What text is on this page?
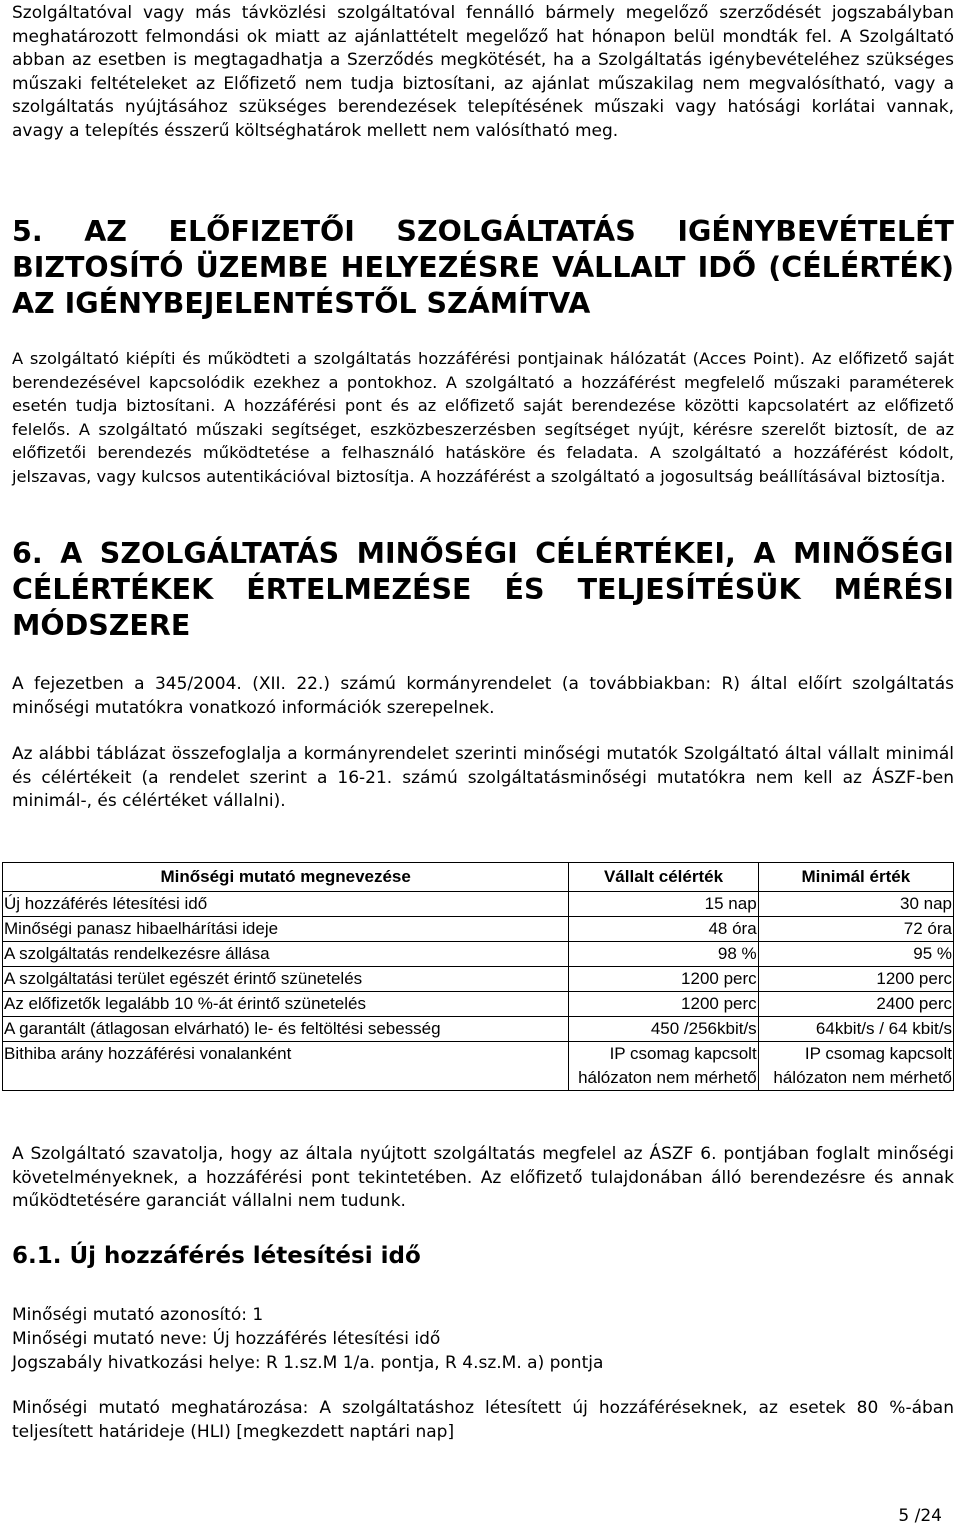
Szolgáltatóval vagy más távközlési szolgáltatóval fennálló bármely megelőző szerződését jogszabályban meghatározott felmondási ok miatt az ajánlattételt megelőző hat hónapon belül mondták fel. A Szolgáltató abban az esetben is megtagadhatja a Szerződés megkötését, ha a Szolgáltatás igénybevételéhez szükséges műszaki feltételeket az Előfizető nem tudja biztosítani, az ajánlat műszakilag nem megvalósítható, vagy a szolgáltatás nyújtásához szükséges berendezések telepítésének műszaki vagy hatósági korlátai vannak, avagy a telepítés ésszerű költséghatárok mellett nem valósítható meg.

5. AZ ELŐFIZETŐI SZOLGÁLTATÁS IGÉNYBEVÉTELÉT BIZTOSÍTÓ ÜZEMBE HELYEZÉSRE VÁLLALT IDŐ (CÉLÉRTÉK) AZ IGÉNYBEJELENTÉSTŐL SZÁMÍTVA

A szolgáltató kiépíti és működteti a szolgáltatás hozzáférési pontjainak hálózatát (Acces Point). Az előfizető saját berendezésével kapcsolódik ezekhez a pontokhoz. A szolgáltató a hozzáférést megfelelő műszaki paraméterek esetén tudja biztosítani. A hozzáférési pont és az előfizető saját berendezése közötti kapcsolatért az előfizető felelős. A szolgáltató műszaki segítséget, eszközbeszerzésben segítséget nyújt, kérésre szerelőt biztosít, de az előfizetői berendezés működtetése a felhasználó hatásköre és feladata. A szolgáltató a hozzáférést kódolt, jelszavas, vagy kulcsos autentikációval biztosítja. A hozzáférést a szolgáltató a jogosultság beállításával biztosítja.

6. A SZOLGÁLTATÁS MINŐSÉGI CÉLÉRTÉKEI, A MINŐSÉGI CÉLÉRTÉKEK ÉRTELMEZÉSE ÉS TELJESÍTÉSÜK MÉRÉSI MÓDSZERE

A fejezetben a 345/2004. (XII. 22.) számú kormányrendelet (a továbbiakban: R) által előírt szolgáltatás minőségi mutatókra vonatkozó információk szerepelnek.

Az alábbi táblázat összefoglalja a kormányrendelet szerinti minőségi mutatók Szolgáltató által vállalt minimál és célértékeit (a rendelet szerint a 16-21. számú szolgáltatásminőségi mutatókra nem kell az ÁSZF-ben minimál-, és célértéket vállalni).

Minőségi mutató megnevezése	Vállalt célérték	Minimál érték
Új hozzáférés létesítési idő	15 nap	30 nap
Minőségi panasz hibaelhárítási ideje	48 óra	72 óra
A szolgáltatás rendelkezésre állása	98 %	95 %
A szolgáltatási terület egészét érintő szünetelés	1200 perc	1200 perc
Az előfizetők legalább 10 %-át érintő szünetelés	1200 perc	2400 perc
A garantált (átlagosan elvárható) le- és feltöltési sebesség	450 /256kbit/s	64kbit/s / 64 kbit/s
Bithiba arány hozzáférési vonalanként	IP csomag kapcsolt hálózaton nem mérhető	IP csomag kapcsolt hálózaton nem mérhető

A Szolgáltató szavatolja, hogy az általa nyújtott szolgáltatás megfelel az ÁSZF 6. pontjában foglalt minőségi követelményeknek, a hozzáférési pont tekintetében. Az előfizető tulajdonában álló berendezésre és annak működtetésére garanciát vállalni nem tudunk.

6.1. Új hozzáférés létesítési idő

Minőségi mutató azonosító: 1

Minőségi mutató neve: Új hozzáférés létesítési idő

Jogszabály hivatkozási helye: R 1.sz.M 1/a. pontja, R 4.sz.M. a) pontja

Minőségi mutató meghatározása: A szolgáltatáshoz létesített új hozzáféréseknek, az esetek 80 %-ában teljesített határideje (HLI) [megkezdett naptári nap]

5 /24
